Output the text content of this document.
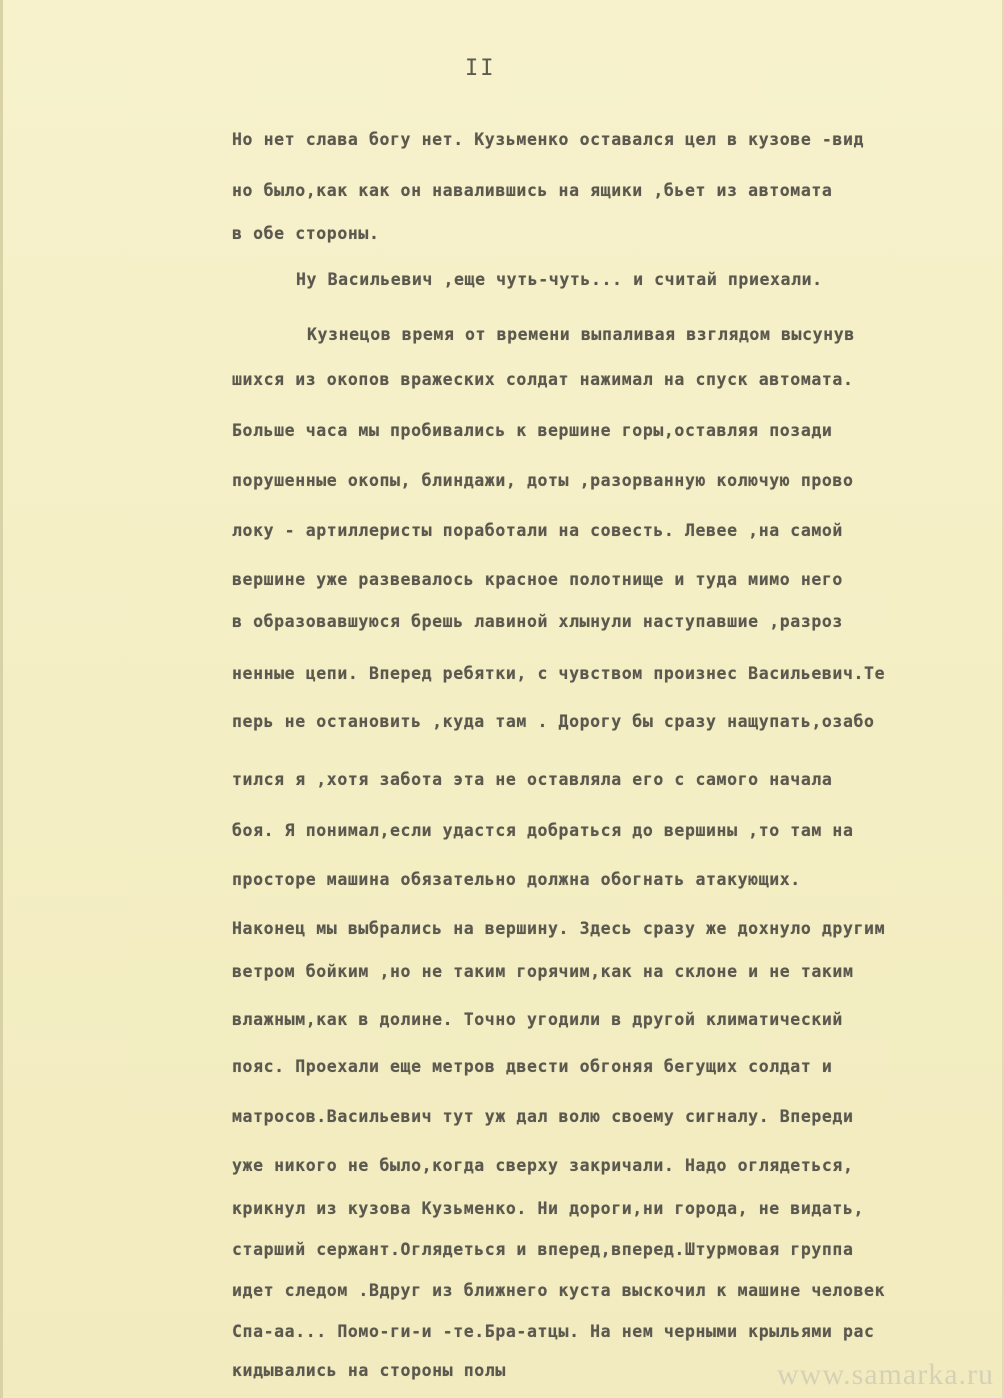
II

Но нет слава богу нет. Кузьменко оставался цел в кузове -вид

но было,как как он навалившись на ящики ,бьет из автомата

в обе стороны.

Ну Васильевич ,еще чуть-чуть... и считай приехали.

Кузнецов время от времени выпаливая взглядом высунув

шихся из окопов вражеских солдат нажимал на спуск автомата.

Больше часа мы пробивались к вершине горы,оставляя позади

порушенные окопы, блиндажи, доты ,разорванную колючую прово

локу - артиллеристы поработали на совесть. Левее ,на самой

вершине уже развевалось красное полотнище и туда мимо него

в образовавшуюся брешь лавиной хлынули наступавшие ,разроз

ненные цепи. Вперед ребятки, с чувством произнес Васильевич.Те

перь не остановить ,куда там . Дорогу бы сразу нащупать,озабо

тился я ,хотя забота эта не оставляла его с самого начала

боя. Я понимал,если удастся добраться до вершины ,то там на

просторе машина обязательно должна обогнать атакующих.

Наконец мы выбрались на вершину. Здесь сразу же дохнуло другим

ветром бойким ,но не таким горячим,как на склоне и не таким

влажным,как в долине. Точно угодили в другой климатический

пояс. Проехали еще метров двести обгоняя бегущих солдат и

матросов.Васильевич тут уж дал волю своему сигналу. Впереди

уже никого не было,когда сверху закричали. Надо оглядеться,

крикнул из кузова Кузьменко. Ни дороги,ни города, не видать,

старший сержант.Оглядеться и вперед,вперед.Штурмовая группа

идет следом .Вдруг из ближнего куста выскочил к машине человек

Спа-аа... Помо-ги-и -те.Бра-атцы. На нем черными крыльями рас

кидывались на стороны полы	www.samarka.ru
